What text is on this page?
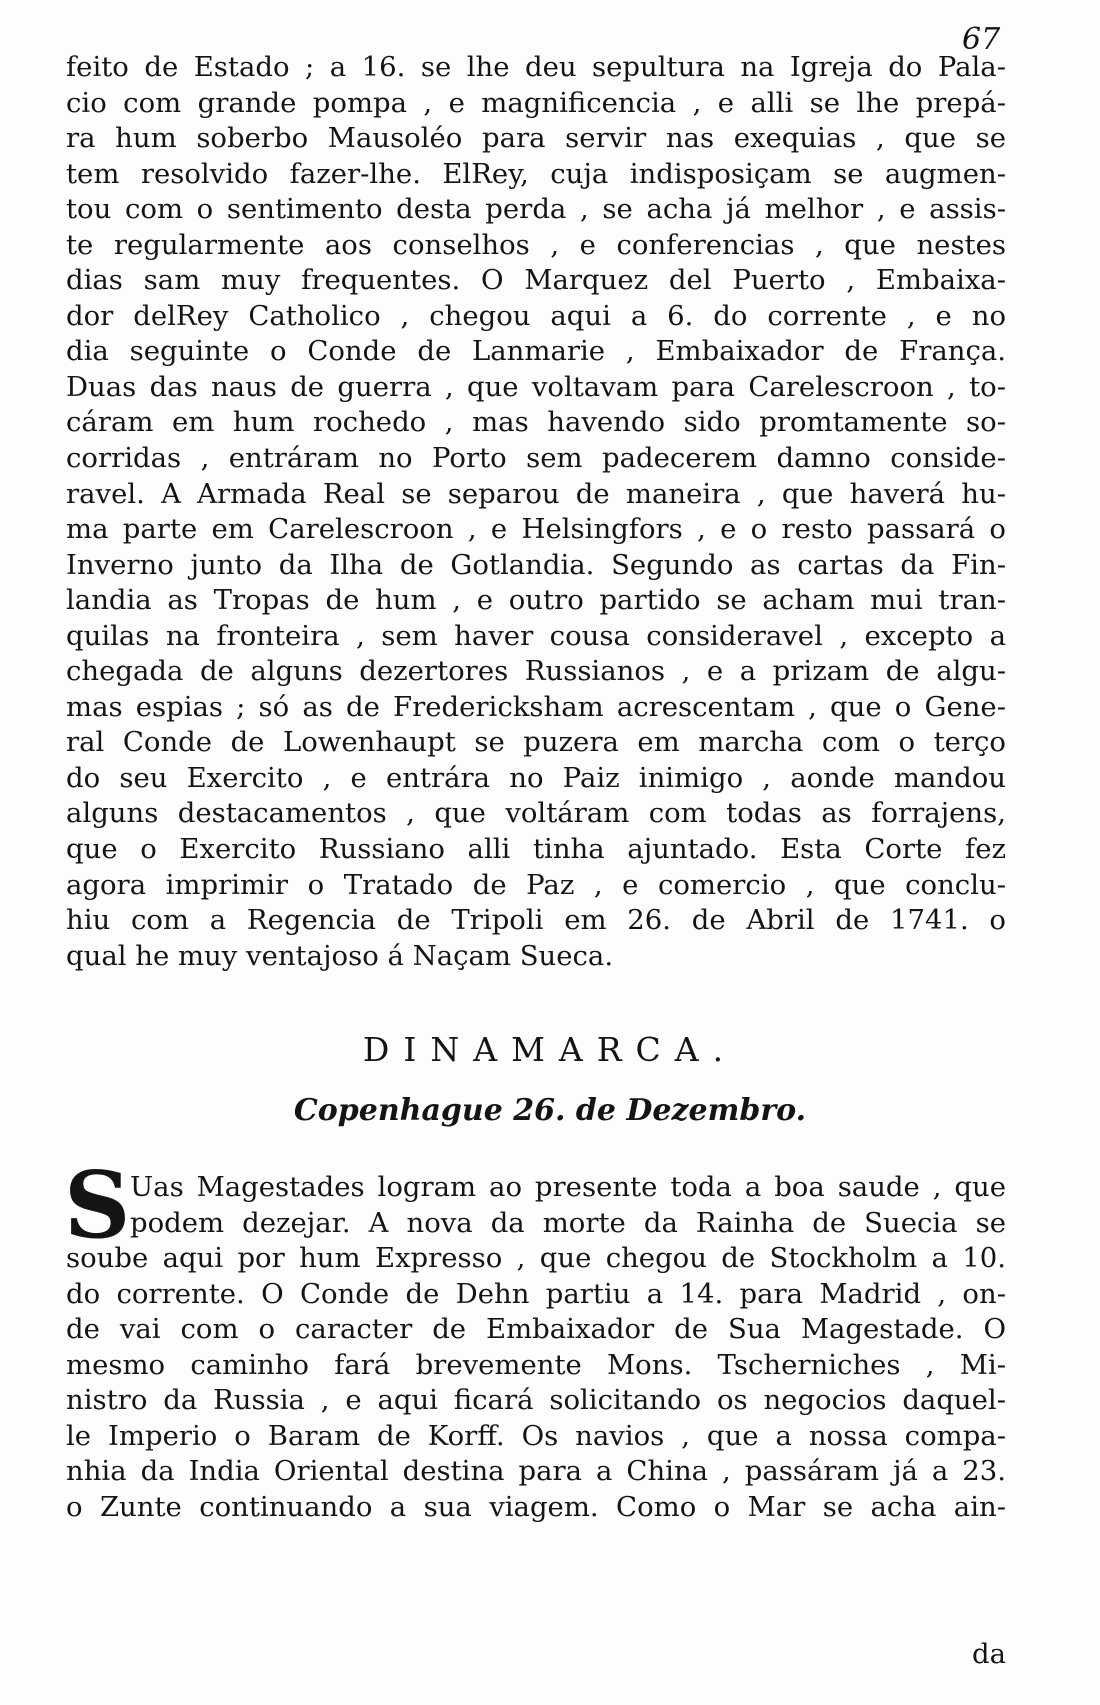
67
feito de Estado ; a 16. se lhe deu sepultura na Igreja do Pala-
cio com grande pompa , e magnificencia , e alli se lhe prepá-
ra hum soberbo Mausoléo para servir nas exequias , que se
tem resolvido fazer-lhe. ElRey, cuja indisposiçam se augmen-
tou com o sentimento desta perda , se acha já melhor , e assis-
te regularmente aos conselhos , e conferencias , que nestes
dias sam muy frequentes. O Marquez del Puerto , Embaixa-
dor delRey Catholico , chegou aqui a 6. do corrente , e no
dia seguinte o Conde de Lanmarie , Embaixador de França.
Duas das naus de guerra , que voltavam para Carelescroon , to-
cáram em hum rochedo , mas havendo sido promtamente so-
corridas , entráram no Porto sem padecerem damno conside-
ravel. A Armada Real se separou de maneira , que haverá hu-
ma parte em Carelescroon , e Helsingfors , e o resto passará o
Inverno junto da Ilha de Gotlandia. Segundo as cartas da Fin-
landia as Tropas de hum , e outro partido se acham mui tran-
quilas na fronteira , sem haver cousa consideravel , excepto a
chegada de alguns dezertores Russianos , e a prizam de algu-
mas espias ; só as de Fredericksham acrescentam , que o Gene-
ral Conde de Lowenhaupt se puzera em marcha com o terço
do seu Exercito , e entrára no Paiz inimigo , aonde mandou
alguns destacamentos , que voltáram com todas as forrajens,
que o Exercito Russiano alli tinha ajuntado. Esta Corte fez
agora imprimir o Tratado de Paz , e comercio , que conclu-
hiu com a Regencia de Tripoli em 26. de Abril de 1741. o
qual he muy ventajoso á Naçam Sueca.
DINAMARCA.
Copenhague 26. de Dezembro.
S Uas Magestades logram ao presente toda a boa saude , que
podem dezejar. A nova da morte da Rainha de Suecia se
soube aqui por hum Expresso , que chegou de Stockholm a 10.
do corrente. O Conde de Dehn partiu a 14. para Madrid , on-
de vai com o caracter de Embaixador de Sua Magestade. O
mesmo caminho fará brevemente Mons. Tscherniches , Mi-
nistro da Russia , e aqui ficará solicitando os negocios daquel-
le Imperio o Baram de Korff. Os navios , que a nossa compa-
nhia da India Oriental destina para a China , passáram já a 23.
o Zunte continuando a sua viagem. Como o Mar se acha ain-
da
